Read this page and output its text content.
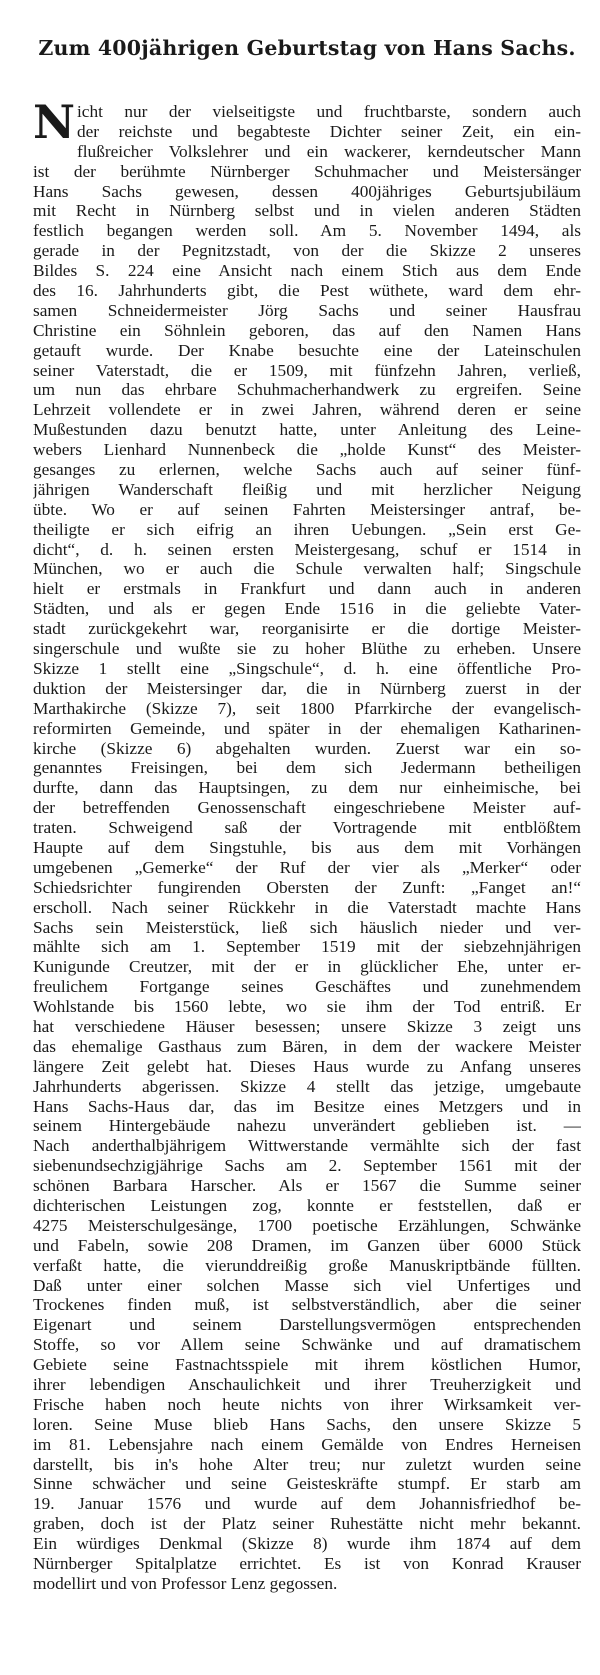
Zum 400jährigen Geburtstag von Hans Sachs.
N icht nur der vielseitigste und fruchtbarste, sondern auch
der reichste und begabteste Dichter seiner Zeit, ein ein-
flußreicher Volkslehrer und ein wackerer, kerndeutscher Mann
ist der berühmte Nürnberger Schuhmacher und Meistersänger
Hans Sachs gewesen, dessen 400jähriges Geburtsjubiläum
mit Recht in Nürnberg selbst und in vielen anderen Städten
festlich begangen werden soll. Am 5. November 1494, als
gerade in der Pegnitzstadt, von der die Skizze 2 unseres
Bildes S. 224 eine Ansicht nach einem Stich aus dem Ende
des 16. Jahrhunderts gibt, die Pest wüthete, ward dem ehr-
samen Schneidermeister Jörg Sachs und seiner Hausfrau
Christine ein Söhnlein geboren, das auf den Namen Hans
getauft wurde. Der Knabe besuchte eine der Lateinschulen
seiner Vaterstadt, die er 1509, mit fünfzehn Jahren, verließ,
um nun das ehrbare Schuhmacherhandwerk zu ergreifen. Seine
Lehrzeit vollendete er in zwei Jahren, während deren er seine
Mußestunden dazu benutzt hatte, unter Anleitung des Leine-
webers Lienhard Nunnenbeck die „holde Kunst“ des Meister-
gesanges zu erlernen, welche Sachs auch auf seiner fünf-
jährigen Wanderschaft fleißig und mit herzlicher Neigung
übte. Wo er auf seinen Fahrten Meistersinger antraf, be-
theiligte er sich eifrig an ihren Uebungen. „Sein erst Ge-
dicht“, d. h. seinen ersten Meistergesang, schuf er 1514 in
München, wo er auch die Schule verwalten half; Singschule
hielt er erstmals in Frankfurt und dann auch in anderen
Städten, und als er gegen Ende 1516 in die geliebte Vater-
stadt zurückgekehrt war, reorganisirte er die dortige Meister-
singerschule und wußte sie zu hoher Blüthe zu erheben. Unsere
Skizze 1 stellt eine „Singschule“, d. h. eine öffentliche Pro-
duktion der Meistersinger dar, die in Nürnberg zuerst in der
Marthakirche (Skizze 7), seit 1800 Pfarrkirche der evangelisch-
reformirten Gemeinde, und später in der ehemaligen Katharinen-
kirche (Skizze 6) abgehalten wurden. Zuerst war ein so-
genanntes Freisingen, bei dem sich Jedermann betheiligen
durfte, dann das Hauptsingen, zu dem nur einheimische, bei
der betreffenden Genossenschaft eingeschriebene Meister auf-
traten. Schweigend saß der Vortragende mit entblößtem
Haupte auf dem Singstuhle, bis aus dem mit Vorhängen
umgebenen „Gemerke“ der Ruf der vier als „Merker“ oder
Schiedsrichter fungirenden Obersten der Zunft: „Fanget an!“
erscholl. Nach seiner Rückkehr in die Vaterstadt machte Hans
Sachs sein Meisterstück, ließ sich häuslich nieder und ver-
mählte sich am 1. September 1519 mit der siebzehnjährigen
Kunigunde Creutzer, mit der er in glücklicher Ehe, unter er-
freulichem Fortgange seines Geschäftes und zunehmendem
Wohlstande bis 1560 lebte, wo sie ihm der Tod entriß. Er
hat verschiedene Häuser besessen; unsere Skizze 3 zeigt uns
das ehemalige Gasthaus zum Bären, in dem der wackere Meister
längere Zeit gelebt hat. Dieses Haus wurde zu Anfang unseres
Jahrhunderts abgerissen. Skizze 4 stellt das jetzige, umgebaute
Hans Sachs-Haus dar, das im Besitze eines Metzgers und in
seinem Hintergebäude nahezu unverändert geblieben ist. —
Nach anderthalbjährigem Wittwerstande vermählte sich der fast
siebenundsechzigjährige Sachs am 2. September 1561 mit der
schönen Barbara Harscher. Als er 1567 die Summe seiner
dichterischen Leistungen zog, konnte er feststellen, daß er
4275 Meisterschulgesänge, 1700 poetische Erzählungen, Schwänke
und Fabeln, sowie 208 Dramen, im Ganzen über 6000 Stück
verfaßt hatte, die vierunddreißig große Manuskriptbände füllten.
Daß unter einer solchen Masse sich viel Unfertiges und
Trockenes finden muß, ist selbstverständlich, aber die seiner
Eigenart und seinem Darstellungsvermögen entsprechenden
Stoffe, so vor Allem seine Schwänke und auf dramatischem
Gebiete seine Fastnachtsspiele mit ihrem köstlichen Humor,
ihrer lebendigen Anschaulichkeit und ihrer Treuherzigkeit und
Frische haben noch heute nichts von ihrer Wirksamkeit ver-
loren. Seine Muse blieb Hans Sachs, den unsere Skizze 5
im 81. Lebensjahre nach einem Gemälde von Endres Herneisen
darstellt, bis in's hohe Alter treu; nur zuletzt wurden seine
Sinne schwächer und seine Geisteskräfte stumpf. Er starb am
19. Januar 1576 und wurde auf dem Johannisfriedhof be-
graben, doch ist der Platz seiner Ruhestätte nicht mehr bekannt.
Ein würdiges Denkmal (Skizze 8) wurde ihm 1874 auf dem
Nürnberger Spitalplatze errichtet. Es ist von Konrad Krauser
modellirt und von Professor Lenz gegossen.
